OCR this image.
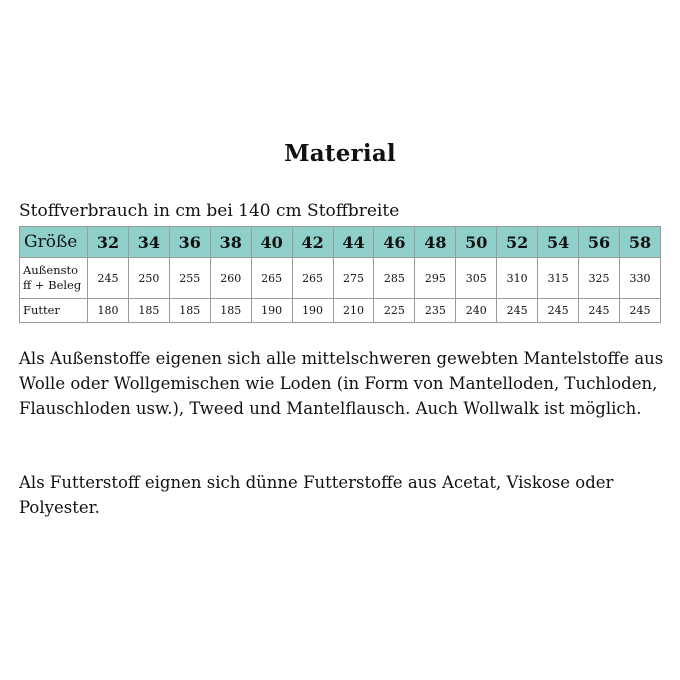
Material
Stoffverbrauch in cm bei 140 cm Stoffbreite
Größe	32	34	36	38	40	42	44	46	48	50	52	54	56	58
Außensto
ff + Beleg	245	250	255	260	265	265	275	285	295	305	310	315	325	330
Futter	180	185	185	185	190	190	210	225	235	240	245	245	245	245
Als Außenstoffe eigenen sich alle mittelschweren gewebten Mantelstoffe aus Wolle oder Wollgemischen wie Loden (in Form von Mantelloden, Tuchloden, Flauschloden usw.), Tweed und Mantelflausch. Auch Wollwalk ist möglich.
Als Futterstoff eignen sich dünne Futterstoffe aus Acetat, Viskose oder Polyester.
